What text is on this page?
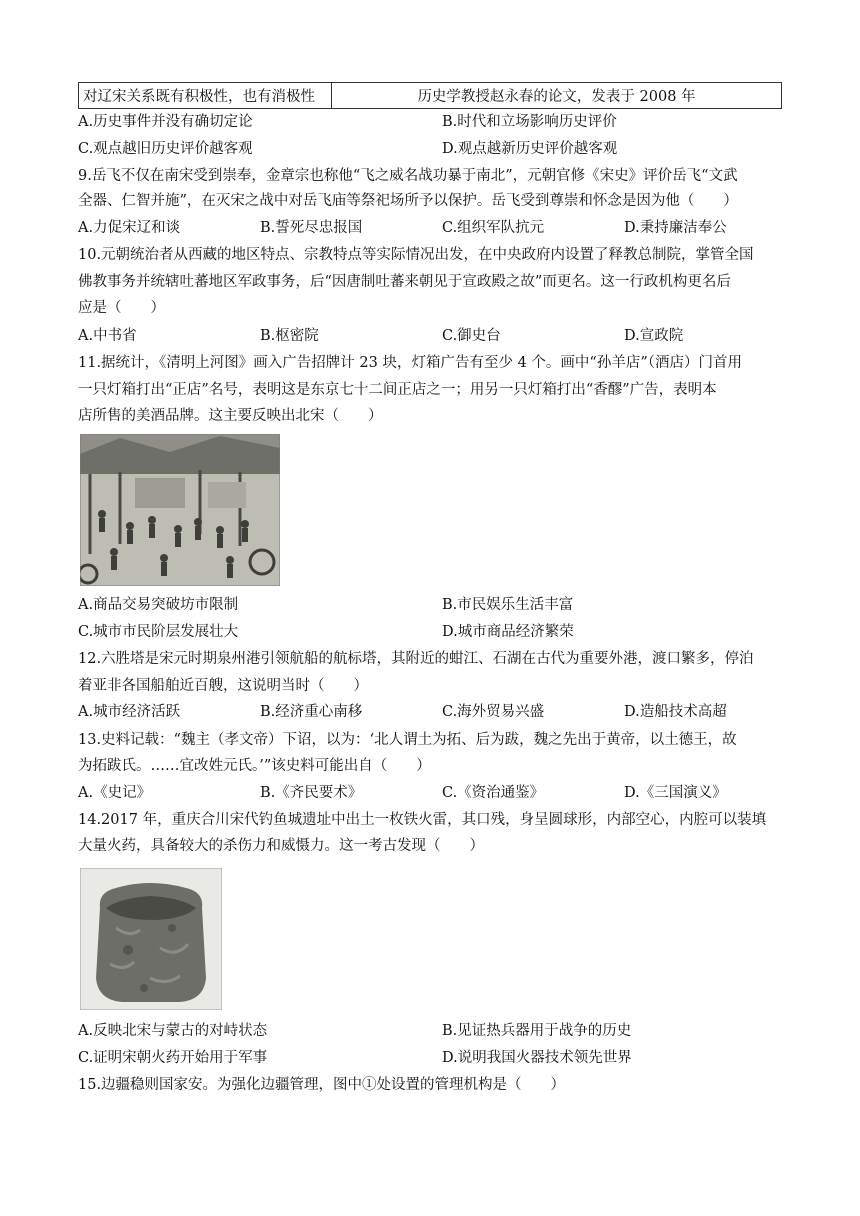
对辽宋关系既有积极性，也有消极性	历史学教授赵永春的论文，发表于 2008 年
A.历史事件并没有确切定论	B.时代和立场影响历史评价
C.观点越旧历史评价越客观	D.观点越新历史评价越客观
9.岳飞不仅在南宋受到崇奉，金章宗也称他“飞之威名战功暴于南北”，元朝官修《宋史》评价岳飞“文武
全器、仁智并施”，在灭宋之战中对岳飞庙等祭祀场所予以保护。岳飞受到尊崇和怀念是因为他（　　）
A.力促宋辽和谈	B.誓死尽忠报国	C.组织军队抗元	D.秉持廉洁奉公
10.元朝统治者从西藏的地区特点、宗教特点等实际情况出发，在中央政府内设置了释教总制院，掌管全国
佛教事务并统辖吐蕃地区军政事务，后“因唐制吐蕃来朝见于宣政殿之故”而更名。这一行政机构更名后
应是（　　）
A.中书省	B.枢密院	C.御史台	D.宣政院
11.据统计，《清明上河图》画入广告招牌计 23 块，灯箱广告有至少 4 个。画中“孙羊店”（酒店）门首用
一只灯箱打出“正店”名号，表明这是东京七十二间正店之一；用另一只灯箱打出“香醪”广告，表明本
店所售的美酒品牌。这主要反映出北宋（　　）
A.商品交易突破坊市限制	B.市民娱乐生活丰富
C.城市市民阶层发展壮大	D.城市商品经济繁荣
12.六胜塔是宋元时期泉州港引领航船的航标塔，其附近的蚶江、石湖在古代为重要外港，渡口繁多，停泊
着亚非各国船舶近百艘，这说明当时（　　）
A.城市经济活跃	B.经济重心南移	C.海外贸易兴盛	D.造船技术高超
13.史料记载：“魏主（孝文帝）下诏，以为：‘北人谓土为拓、后为跋，魏之先出于黄帝，以土德王，故
为拓跋氏。……宜改姓元氏。’”该史料可能出自（　　）
A.《史记》	B.《齐民要术》	C.《资治通鉴》	D.《三国演义》
14.2017 年，重庆合川宋代钓鱼城遗址中出土一枚铁火雷，其口残，身呈圆球形，内部空心，内腔可以装填
大量火药，具备较大的杀伤力和威慑力。这一考古发现（　　）
A.反映北宋与蒙古的对峙状态	B.见证热兵器用于战争的历史
C.证明宋朝火药开始用于军事	D.说明我国火器技术领先世界
15.边疆稳则国家安。为强化边疆管理，图中①处设置的管理机构是（　　）
